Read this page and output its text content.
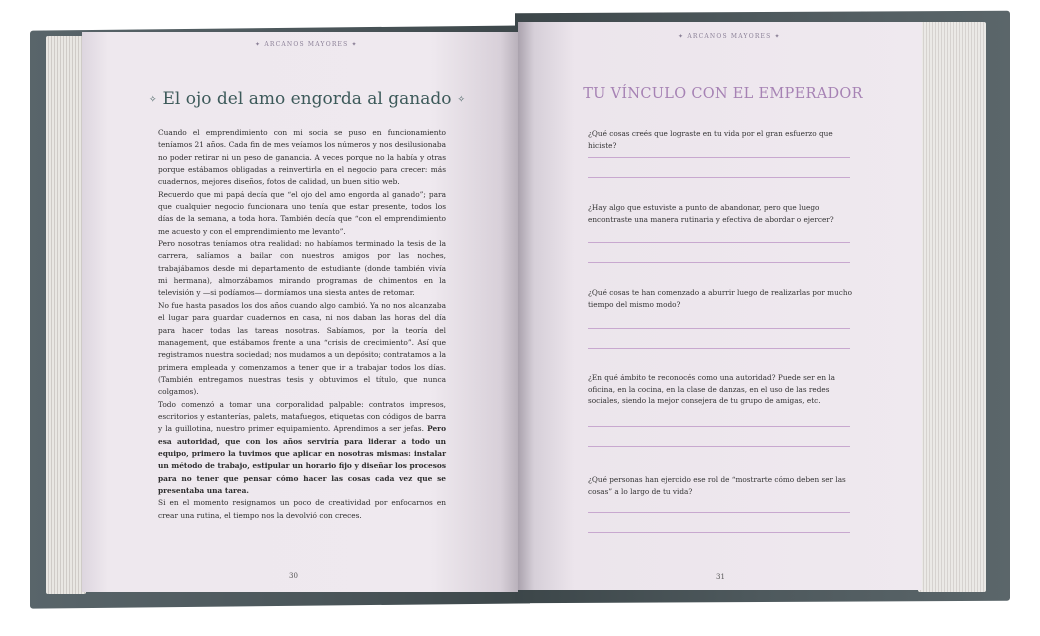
✦ ARCANOS MAYORES ✦
✧ El ojo del amo engorda al ganado ✧

Cuando el emprendimiento con mi socia se puso en funcionamiento teníamos 21 años. Cada fin de mes veíamos los números y nos desilusionaba no poder retirar ni un peso de ganancia. A veces porque no la había y otras porque estábamos obligadas a reinvertirla en el negocio para crecer: más cuadernos, mejores diseños, fotos de calidad, un buen sitio web.

Recuerdo que mi papá decía que “el ojo del amo engorda al ganado”; para que cualquier negocio funcionara uno tenía que estar presente, todos los días de la semana, a toda hora. También decía que “con el emprendimiento me acuesto y con el emprendimiento me levanto”.

Pero nosotras teníamos otra realidad: no habíamos terminado la tesis de la carrera, salíamos a bailar con nuestros amigos por las noches, trabajábamos desde mi departamento de estudiante (donde también vivía mi hermana), almorzábamos mirando programas de chimentos en la televisión y —si podíamos— dormíamos una siesta antes de retomar.

No fue hasta pasados los dos años cuando algo cambió. Ya no nos alcanzaba el lugar para guardar cuadernos en casa, ni nos daban las horas del día para hacer todas las tareas nosotras. Sabíamos, por la teoría del management, que estábamos frente a una “crisis de crecimiento”. Así que registramos nuestra sociedad; nos mudamos a un depósito; contratamos a la primera empleada y comenzamos a tener que ir a trabajar todos los días. (También entregamos nuestras tesis y obtuvimos el título, que nunca colgamos).

Todo comenzó a tomar una corporalidad palpable: contratos impresos, escritorios y estanterías, palets, matafuegos, etiquetas con códigos de barra y la guillotina, nuestro primer equipamiento. Aprendimos a ser jefas. Pero esa autoridad, que con los años serviría para liderar a todo un equipo, primero la tuvimos que aplicar en nosotras mismas: instalar un método de trabajo, estipular un horario fijo y diseñar los procesos para no tener que pensar cómo hacer las cosas cada vez que se presentaba una tarea.

Si en el momento resignamos un poco de creatividad por enfocarnos en crear una rutina, el tiempo nos la devolvió con creces.

30
✦ ARCANOS MAYORES ✦
TU VÍNCULO CON EL EMPERADOR
¿Qué cosas creés que lograste en tu vida por el gran esfuerzo que hiciste?
¿Hay algo que estuviste a punto de abandonar, pero que luego encontraste una manera rutinaria y efectiva de abordar o ejercer?
¿Qué cosas te han comenzado a aburrir luego de realizarlas por mucho tiempo del mismo modo?
¿En qué ámbito te reconocés como una autoridad? Puede ser en la oficina, en la cocina, en la clase de danzas, en el uso de las redes sociales, siendo la mejor consejera de tu grupo de amigas, etc.
¿Qué personas han ejercido ese rol de “mostrarte cómo deben ser las cosas” a lo largo de tu vida?
31
